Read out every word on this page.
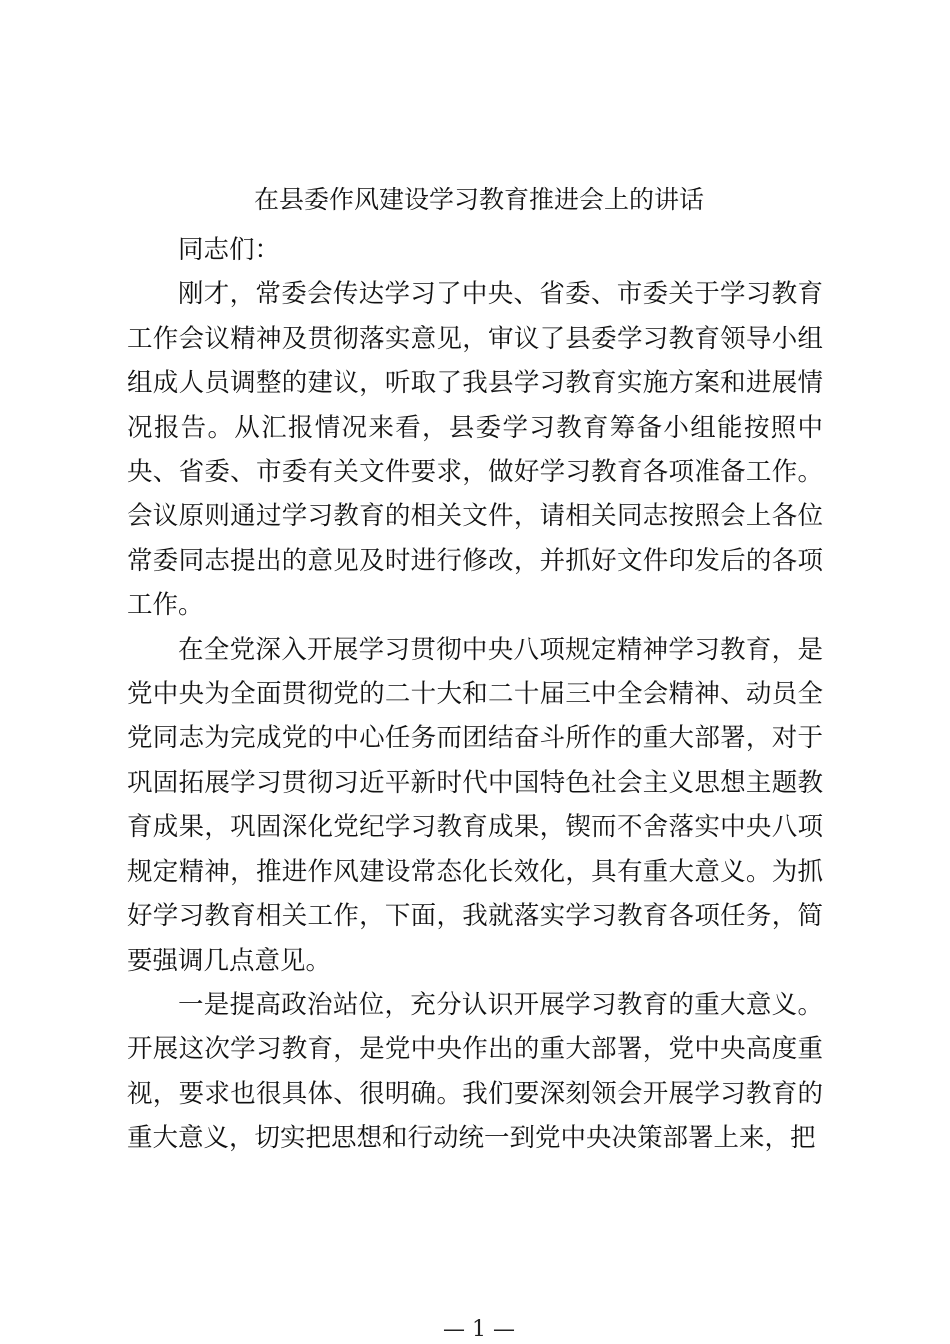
在县委作风建设学习教育推进会上的讲话

同志们：

刚才，常委会传达学习了中央、省委、市委关于学习教育工作会议精神及贯彻落实意见，审议了县委学习教育领导小组组成人员调整的建议，听取了我县学习教育实施方案和进展情况报告。从汇报情况来看，县委学习教育筹备小组能按照中央、省委、市委有关文件要求，做好学习教育各项准备工作。会议原则通过学习教育的相关文件，请相关同志按照会上各位常委同志提出的意见及时进行修改，并抓好文件印发后的各项工作。

在全党深入开展学习贯彻中央八项规定精神学习教育，是党中央为全面贯彻党的二十大和二十届三中全会精神、动员全党同志为完成党的中心任务而团结奋斗所作的重大部署，对于巩固拓展学习贯彻习近平新时代中国特色社会主义思想主题教育成果，巩固深化党纪学习教育成果，锲而不舍落实中央八项规定精神，推进作风建设常态化长效化，具有重大意义。为抓好学习教育相关工作，下面，我就落实学习教育各项任务，简要强调几点意见。

一是提高政治站位，充分认识开展学习教育的重大意义。开展这次学习教育，是党中央作出的重大部署，党中央高度重视，要求也很具体、很明确。我们要深刻领会开展学习教育的重大意义，切实把思想和行动统一到党中央决策部署上来，把

— 1 —
